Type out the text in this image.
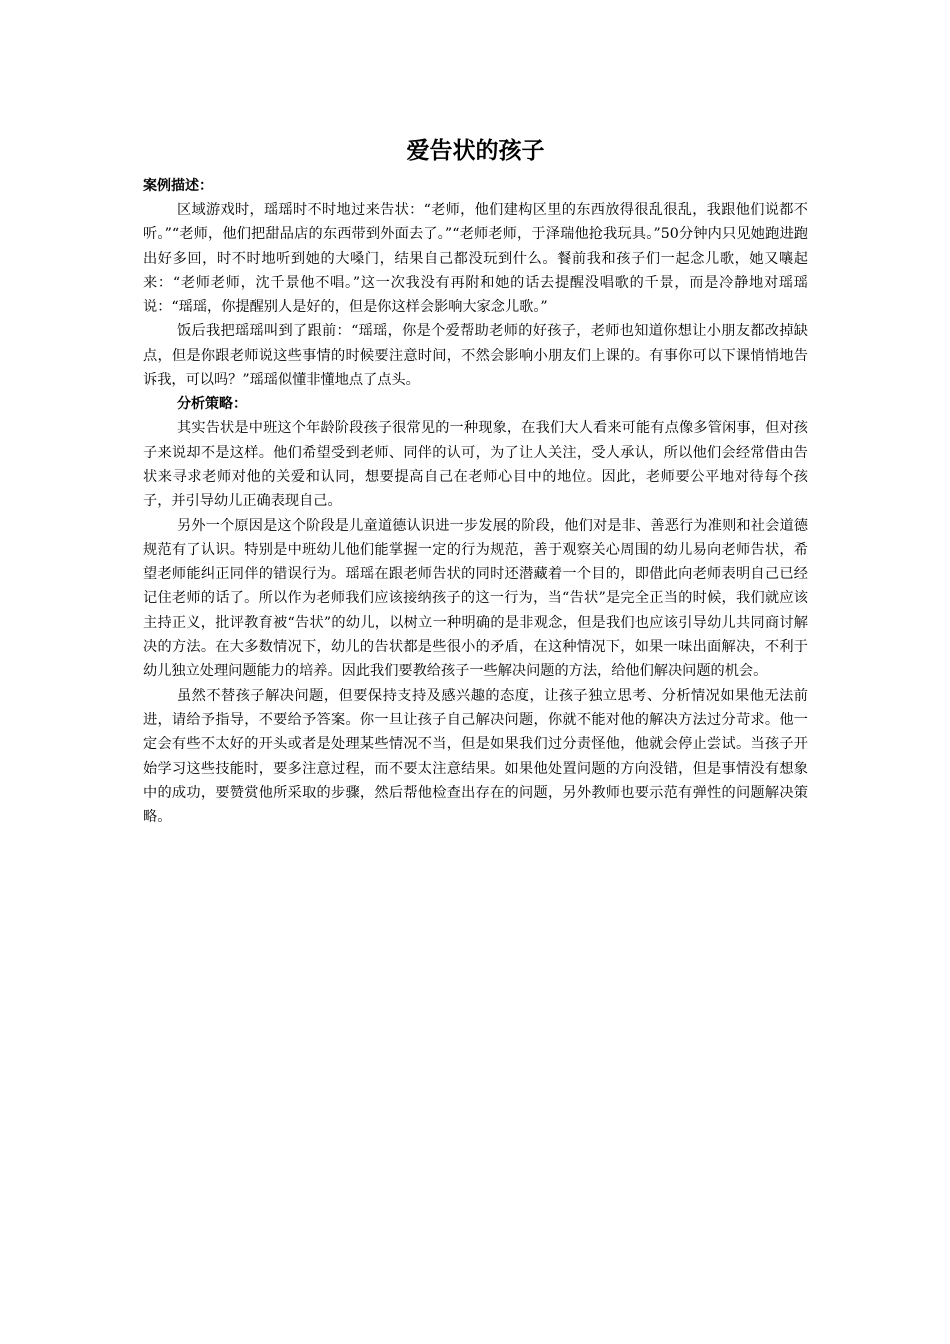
爱告状的孩子

案例描述：

区域游戏时，瑶瑶时不时地过来告状：“老师，他们建构区里的东西放得很乱很乱，我跟他们说都不听。”“老师，他们把甜品店的东西带到外面去了。”“老师老师，于泽瑞他抢我玩具。”50分钟内只见她跑进跑出好多回，时不时地听到她的大嗓门，结果自己都没玩到什么。餐前我和孩子们一起念儿歌，她又嚷起来：“老师老师，沈千景他不唱。”这一次我没有再附和她的话去提醒没唱歌的千景，而是冷静地对瑶瑶说：“瑶瑶，你提醒别人是好的，但是你这样会影响大家念儿歌。”

饭后我把瑶瑶叫到了跟前：“瑶瑶，你是个爱帮助老师的好孩子，老师也知道你想让小朋友都改掉缺点，但是你跟老师说这些事情的时候要注意时间，不然会影响小朋友们上课的。有事你可以下课悄悄地告诉我，可以吗？”瑶瑶似懂非懂地点了点头。

分析策略：

其实告状是中班这个年龄阶段孩子很常见的一种现象，在我们大人看来可能有点像多管闲事，但对孩子来说却不是这样。他们希望受到老师、同伴的认可，为了让人关注，受人承认，所以他们会经常借由告状来寻求老师对他的关爱和认同，想要提高自己在老师心目中的地位。因此，老师要公平地对待每个孩子，并引导幼儿正确表现自己。

另外一个原因是这个阶段是儿童道德认识进一步发展的阶段，他们对是非、善恶行为准则和社会道德规范有了认识。特别是中班幼儿他们能掌握一定的行为规范，善于观察关心周围的幼儿易向老师告状，希望老师能纠正同伴的错误行为。瑶瑶在跟老师告状的同时还潜藏着一个目的，即借此向老师表明自己已经记住老师的话了。所以作为老师我们应该接纳孩子的这一行为，当“告状”是完全正当的时候，我们就应该主持正义，批评教育被“告状”的幼儿，以树立一种明确的是非观念，但是我们也应该引导幼儿共同商讨解决的方法。在大多数情况下，幼儿的告状都是些很小的矛盾，在这种情况下，如果一味出面解决，不利于幼儿独立处理问题能力的培养。因此我们要教给孩子一些解决问题的方法，给他们解决问题的机会。

虽然不替孩子解决问题，但要保持支持及感兴趣的态度，让孩子独立思考、分析情况如果他无法前进，请给予指导，不要给予答案。你一旦让孩子自己解决问题，你就不能对他的解决方法过分苛求。他一定会有些不太好的开头或者是处理某些情况不当，但是如果我们过分责怪他，他就会停止尝试。当孩子开始学习这些技能时，要多注意过程，而不要太注意结果。如果他处置问题的方向没错，但是事情没有想象中的成功，要赞赏他所采取的步骤，然后帮他检查出存在的问题，另外教师也要示范有弹性的问题解决策略。
